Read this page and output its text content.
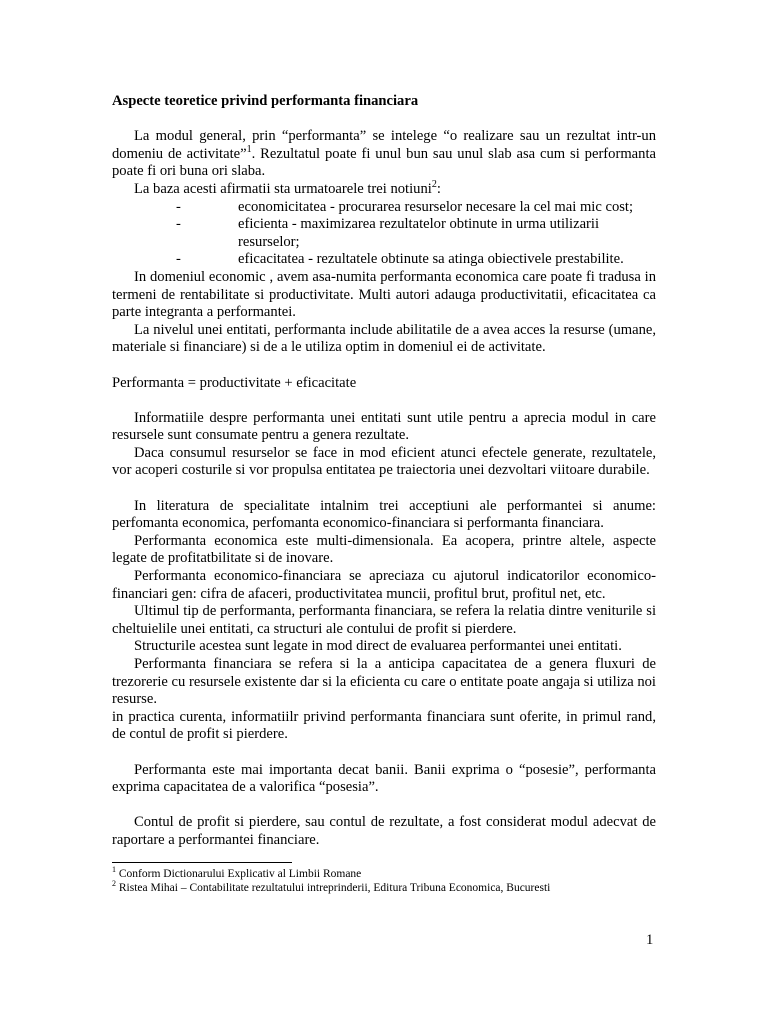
Aspecte teoretice privind performanta financiara

La modul general, prin “performanta” se intelege “o realizare sau un rezultat intr-un domeniu de activitate”$^1$. Rezultatul poate fi unul bun sau unul slab asa cum si performanta poate fi ori buna ori slaba.

La baza acesti afirmatii sta urmatoarele trei notiuni$^2$:

-	economicitatea - procurarea resurselor necesare la cel mai mic cost;
-	eficienta - maximizarea rezultatelor obtinute in urma utilizarii resurselor;
-	eficacitatea - rezultatele obtinute sa atinga obiectivele prestabilite.

In domeniul economic , avem asa-numita performanta economica care poate fi tradusa in termeni de rentabilitate si productivitate. Multi autori adauga productivitatii, eficacitatea ca parte integranta a performantei.

La nivelul unei entitati, performanta include abilitatile de a avea acces la resurse (umane, materiale si financiare) si de a le utiliza optim in domeniul ei de activitate.

Performanta = productivitate + eficacitate

Informatiile despre performanta unei entitati sunt utile pentru a aprecia modul in care resursele sunt consumate pentru a genera rezultate.

Daca consumul resurselor se face in mod eficient atunci efectele generate, rezultatele, vor acoperi costurile si vor propulsa entitatea pe traiectoria unei dezvoltari viitoare durabile.

In literatura de specialitate intalnim trei acceptiuni ale performantei si anume: perfomanta economica, perfomanta economico-financiara si performanta financiara.

Performanta economica este multi-dimensionala. Ea acopera, printre altele, aspecte legate de profitatbilitate si de inovare.

Performanta economico-financiara se apreciaza cu ajutorul indicatorilor economico-financiari gen: cifra de afaceri, productivitatea muncii, profitul brut, profitul net, etc.

Ultimul tip de performanta, performanta financiara, se refera la relatia dintre veniturile si cheltuielile unei entitati, ca structuri ale contului de profit si pierdere.

Structurile acestea sunt legate in mod direct de evaluarea performantei unei entitati.

Performanta financiara se refera si la a anticipa capacitatea de a genera fluxuri de trezorerie cu resursele existente dar si la eficienta cu care o entitate poate angaja si utiliza noi resurse.

in practica curenta, informatiilr privind performanta financiara sunt oferite, in primul rand, de contul de profit si pierdere.

Performanta este mai importanta decat banii. Banii exprima o “posesie”, performanta exprima capacitatea de a valorifica “posesia”.

Contul de profit si pierdere, sau contul de rezultate, a fost considerat modul adecvat de raportare a performantei financiare.

$^1$ Conform Dictionarului Explicativ al Limbii Romane
$^2$ Ristea Mihai – Contabilitate rezultatului intreprinderii, Editura Tribuna Economica, Bucuresti
1
